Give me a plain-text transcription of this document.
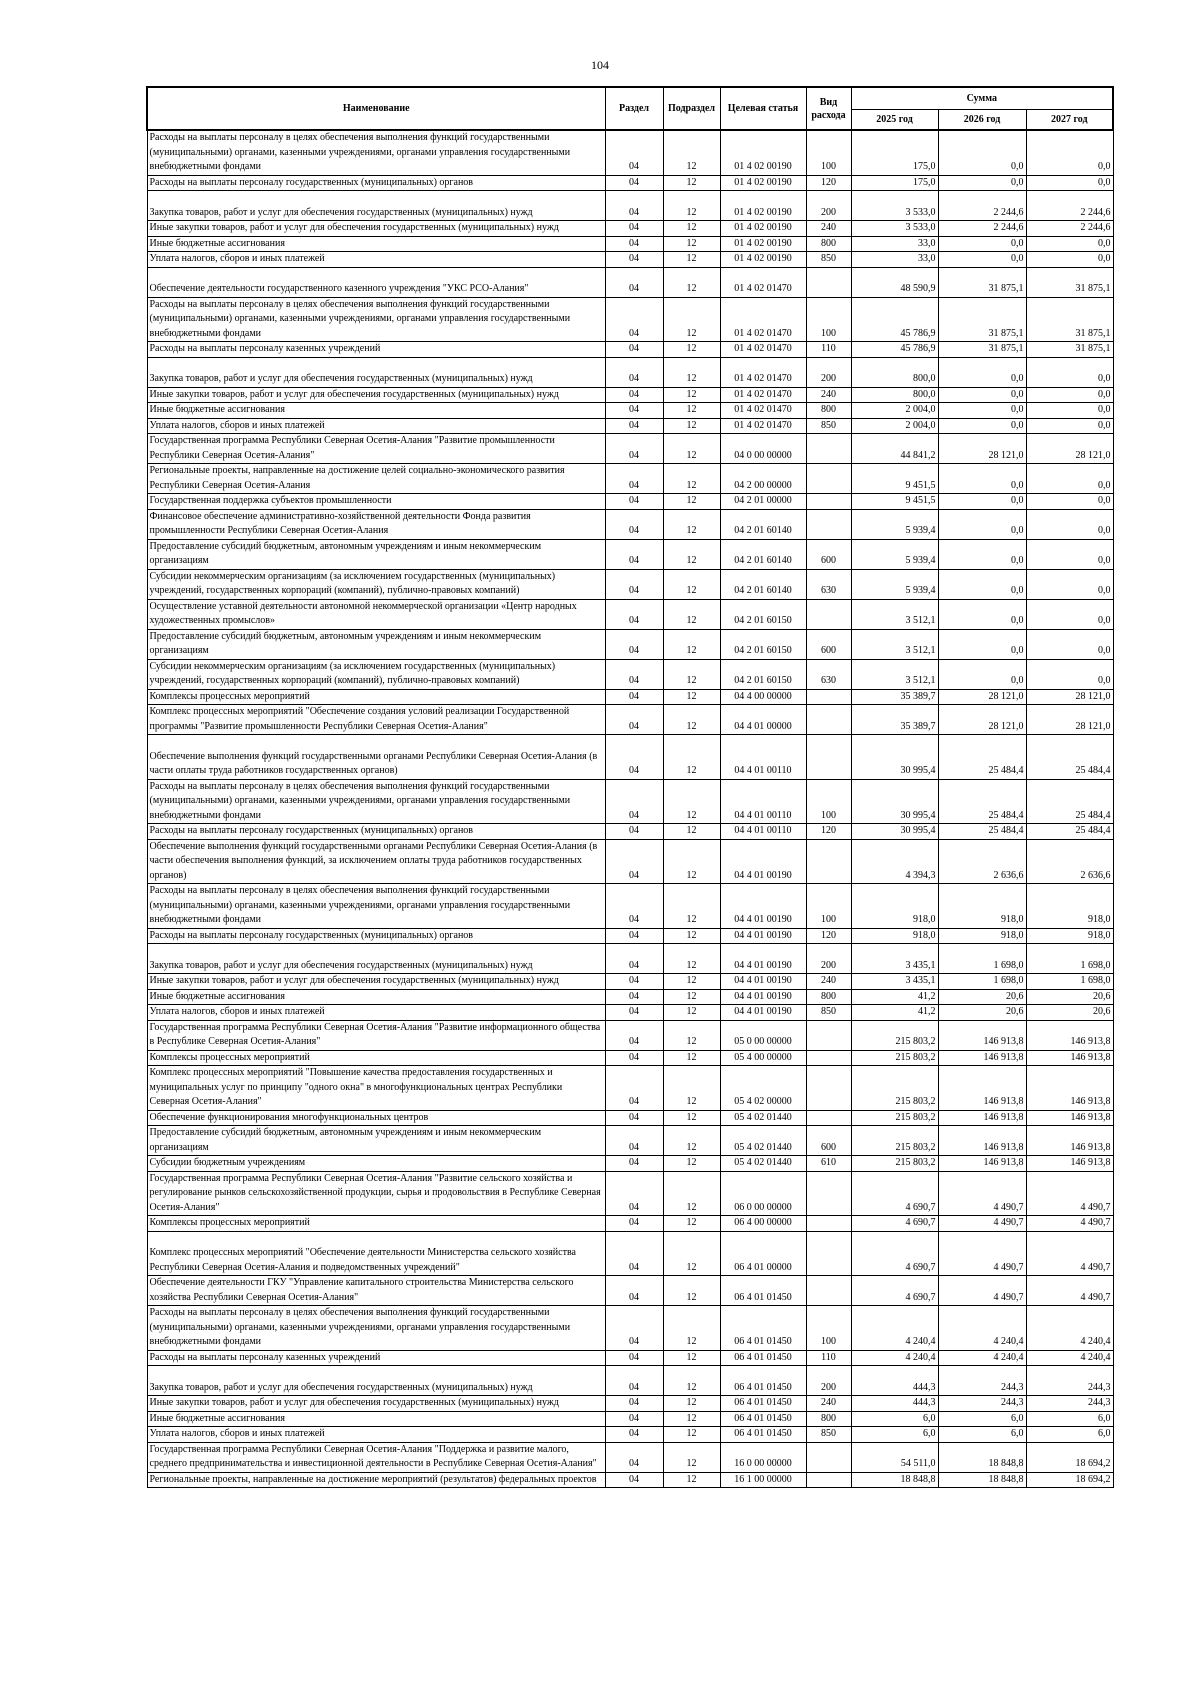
104
Наименование	Раздел	Подраздел	Целевая статья	Вид расхода	Сумма		
					2025 год	2026 год	2027 год
Расходы на выплаты персоналу в целях обеспечения выполнения функций государственными (муниципальными) органами, казенными учреждениями, органами управления государственными внебюджетными фондами	04	12	01 4 02 00190	100	175,0	0,0	0,0
Расходы на выплаты персоналу государственных (муниципальных) органов	04	12	01 4 02 00190	120	175,0	0,0	0,0
Закупка товаров, работ и услуг для обеспечения государственных (муниципальных) нужд	04	12	01 4 02 00190	200	3 533,0	2 244,6	2 244,6
Иные закупки товаров, работ и услуг для обеспечения государственных (муниципальных) нужд	04	12	01 4 02 00190	240	3 533,0	2 244,6	2 244,6
Иные бюджетные ассигнования	04	12	01 4 02 00190	800	33,0	0,0	0,0
Уплата налогов, сборов и иных платежей	04	12	01 4 02 00190	850	33,0	0,0	0,0
Обеспечение деятельности государственного казенного учреждения "УКС РСО-Алания"	04	12	01 4 02 01470		48 590,9	31 875,1	31 875,1
Расходы на выплаты персоналу в целях обеспечения выполнения функций государственными (муниципальными) органами, казенными учреждениями, органами управления государственными внебюджетными фондами	04	12	01 4 02 01470	100	45 786,9	31 875,1	31 875,1
Расходы на выплаты персоналу казенных учреждений	04	12	01 4 02 01470	110	45 786,9	31 875,1	31 875,1
Закупка товаров, работ и услуг для обеспечения государственных (муниципальных) нужд	04	12	01 4 02 01470	200	800,0	0,0	0,0
Иные закупки товаров, работ и услуг для обеспечения государственных (муниципальных) нужд	04	12	01 4 02 01470	240	800,0	0,0	0,0
Иные бюджетные ассигнования	04	12	01 4 02 01470	800	2 004,0	0,0	0,0
Уплата налогов, сборов и иных платежей	04	12	01 4 02 01470	850	2 004,0	0,0	0,0
Государственная программа Республики Северная Осетия-Алания "Развитие промышленности Республики Северная Осетия-Алания"	04	12	04 0 00 00000		44 841,2	28 121,0	28 121,0
Региональные проекты, направленные на достижение целей социально-экономического развития Республики Северная Осетия-Алания	04	12	04 2 00 00000		9 451,5	0,0	0,0
Государственная поддержка субъектов промышленности	04	12	04 2 01 00000		9 451,5	0,0	0,0
Финансовое обеспечение административно-хозяйственной деятельности Фонда развития промышленности Республики Северная Осетия-Алания	04	12	04 2 01 60140		5 939,4	0,0	0,0
Предоставление субсидий бюджетным, автономным учреждениям и иным некоммерческим организациям	04	12	04 2 01 60140	600	5 939,4	0,0	0,0
Субсидии некоммерческим организациям (за исключением государственных (муниципальных) учреждений, государственных корпораций (компаний), публично-правовых компаний)	04	12	04 2 01 60140	630	5 939,4	0,0	0,0
Осуществление уставной деятельности автономной некоммерческой организации «Центр народных художественных промыслов»	04	12	04 2 01 60150		3 512,1	0,0	0,0
Предоставление субсидий бюджетным, автономным учреждениям и иным некоммерческим организациям	04	12	04 2 01 60150	600	3 512,1	0,0	0,0
Субсидии некоммерческим организациям (за исключением государственных (муниципальных) учреждений, государственных корпораций (компаний), публично-правовых компаний)	04	12	04 2 01 60150	630	3 512,1	0,0	0,0
Комплексы процессных мероприятий	04	12	04 4 00 00000		35 389,7	28 121,0	28 121,0
Комплекс процессных мероприятий "Обеспечение создания условий реализации Государственной программы "Развитие промышленности Республики Северная Осетия-Алания"	04	12	04 4 01 00000		35 389,7	28 121,0	28 121,0
Обеспечение выполнения функций государственными органами Республики Северная Осетия-Алания (в части оплаты труда работников государственных органов)	04	12	04 4 01 00110		30 995,4	25 484,4	25 484,4
Расходы на выплаты персоналу в целях обеспечения выполнения функций государственными (муниципальными) органами, казенными учреждениями, органами управления государственными внебюджетными фондами	04	12	04 4 01 00110	100	30 995,4	25 484,4	25 484,4
Расходы на выплаты персоналу государственных (муниципальных) органов	04	12	04 4 01 00110	120	30 995,4	25 484,4	25 484,4
Обеспечение выполнения функций государственными органами Республики Северная Осетия-Алания (в части обеспечения выполнения функций, за исключением оплаты труда работников государственных органов)	04	12	04 4 01 00190		4 394,3	2 636,6	2 636,6
Расходы на выплаты персоналу в целях обеспечения выполнения функций государственными (муниципальными) органами, казенными учреждениями, органами управления государственными внебюджетными фондами	04	12	04 4 01 00190	100	918,0	918,0	918,0
Расходы на выплаты персоналу государственных (муниципальных) органов	04	12	04 4 01 00190	120	918,0	918,0	918,0
Закупка товаров, работ и услуг для обеспечения государственных (муниципальных) нужд	04	12	04 4 01 00190	200	3 435,1	1 698,0	1 698,0
Иные закупки товаров, работ и услуг для обеспечения государственных (муниципальных) нужд	04	12	04 4 01 00190	240	3 435,1	1 698,0	1 698,0
Иные бюджетные ассигнования	04	12	04 4 01 00190	800	41,2	20,6	20,6
Уплата налогов, сборов и иных платежей	04	12	04 4 01 00190	850	41,2	20,6	20,6
Государственная программа Республики Северная Осетия-Алания "Развитие информационного общества в Республике Северная Осетия-Алания"	04	12	05 0 00 00000		215 803,2	146 913,8	146 913,8
Комплексы процессных мероприятий	04	12	05 4 00 00000		215 803,2	146 913,8	146 913,8
Комплекс процессных мероприятий "Повышение качества предоставления государственных и муниципальных услуг по принципу "одного окна" в многофункциональных центрах Республики Северная Осетия-Алания"	04	12	05 4 02 00000		215 803,2	146 913,8	146 913,8
Обеспечение функционирования многофункциональных центров	04	12	05 4 02 01440		215 803,2	146 913,8	146 913,8
Предоставление субсидий бюджетным, автономным учреждениям и иным некоммерческим организациям	04	12	05 4 02 01440	600	215 803,2	146 913,8	146 913,8
Субсидии бюджетным учреждениям	04	12	05 4 02 01440	610	215 803,2	146 913,8	146 913,8
Государственная программа Республики Северная Осетия-Алания "Развитие сельского хозяйства и регулирование рынков сельскохозяйственной продукции, сырья и продовольствия в Республике Северная Осетия-Алания"	04	12	06 0 00 00000		4 690,7	4 490,7	4 490,7
Комплексы процессных мероприятий	04	12	06 4 00 00000		4 690,7	4 490,7	4 490,7
Комплекс процессных мероприятий "Обеспечение деятельности Министерства сельского хозяйства Республики Северная Осетия-Алания и подведомственных учреждений"	04	12	06 4 01 00000		4 690,7	4 490,7	4 490,7
Обеспечение деятельности ГКУ "Управление капитального строительства Министерства сельского хозяйства Республики Северная Осетия-Алания"	04	12	06 4 01 01450		4 690,7	4 490,7	4 490,7
Расходы на выплаты персоналу в целях обеспечения выполнения функций государственными (муниципальными) органами, казенными учреждениями, органами управления государственными внебюджетными фондами	04	12	06 4 01 01450	100	4 240,4	4 240,4	4 240,4
Расходы на выплаты персоналу казенных учреждений	04	12	06 4 01 01450	110	4 240,4	4 240,4	4 240,4
Закупка товаров, работ и услуг для обеспечения государственных (муниципальных) нужд	04	12	06 4 01 01450	200	444,3	244,3	244,3
Иные закупки товаров, работ и услуг для обеспечения государственных (муниципальных) нужд	04	12	06 4 01 01450	240	444,3	244,3	244,3
Иные бюджетные ассигнования	04	12	06 4 01 01450	800	6,0	6,0	6,0
Уплата налогов, сборов и иных платежей	04	12	06 4 01 01450	850	6,0	6,0	6,0
Государственная программа Республики Северная Осетия-Алания "Поддержка и развитие малого, среднего предпринимательства и инвестиционной деятельности в Республике Северная Осетия-Алания"	04	12	16 0 00 00000		54 511,0	18 848,8	18 694,2
Региональные проекты, направленные на достижение мероприятий (результатов) федеральных проектов	04	12	16 1 00 00000		18 848,8	18 848,8	18 694,2
